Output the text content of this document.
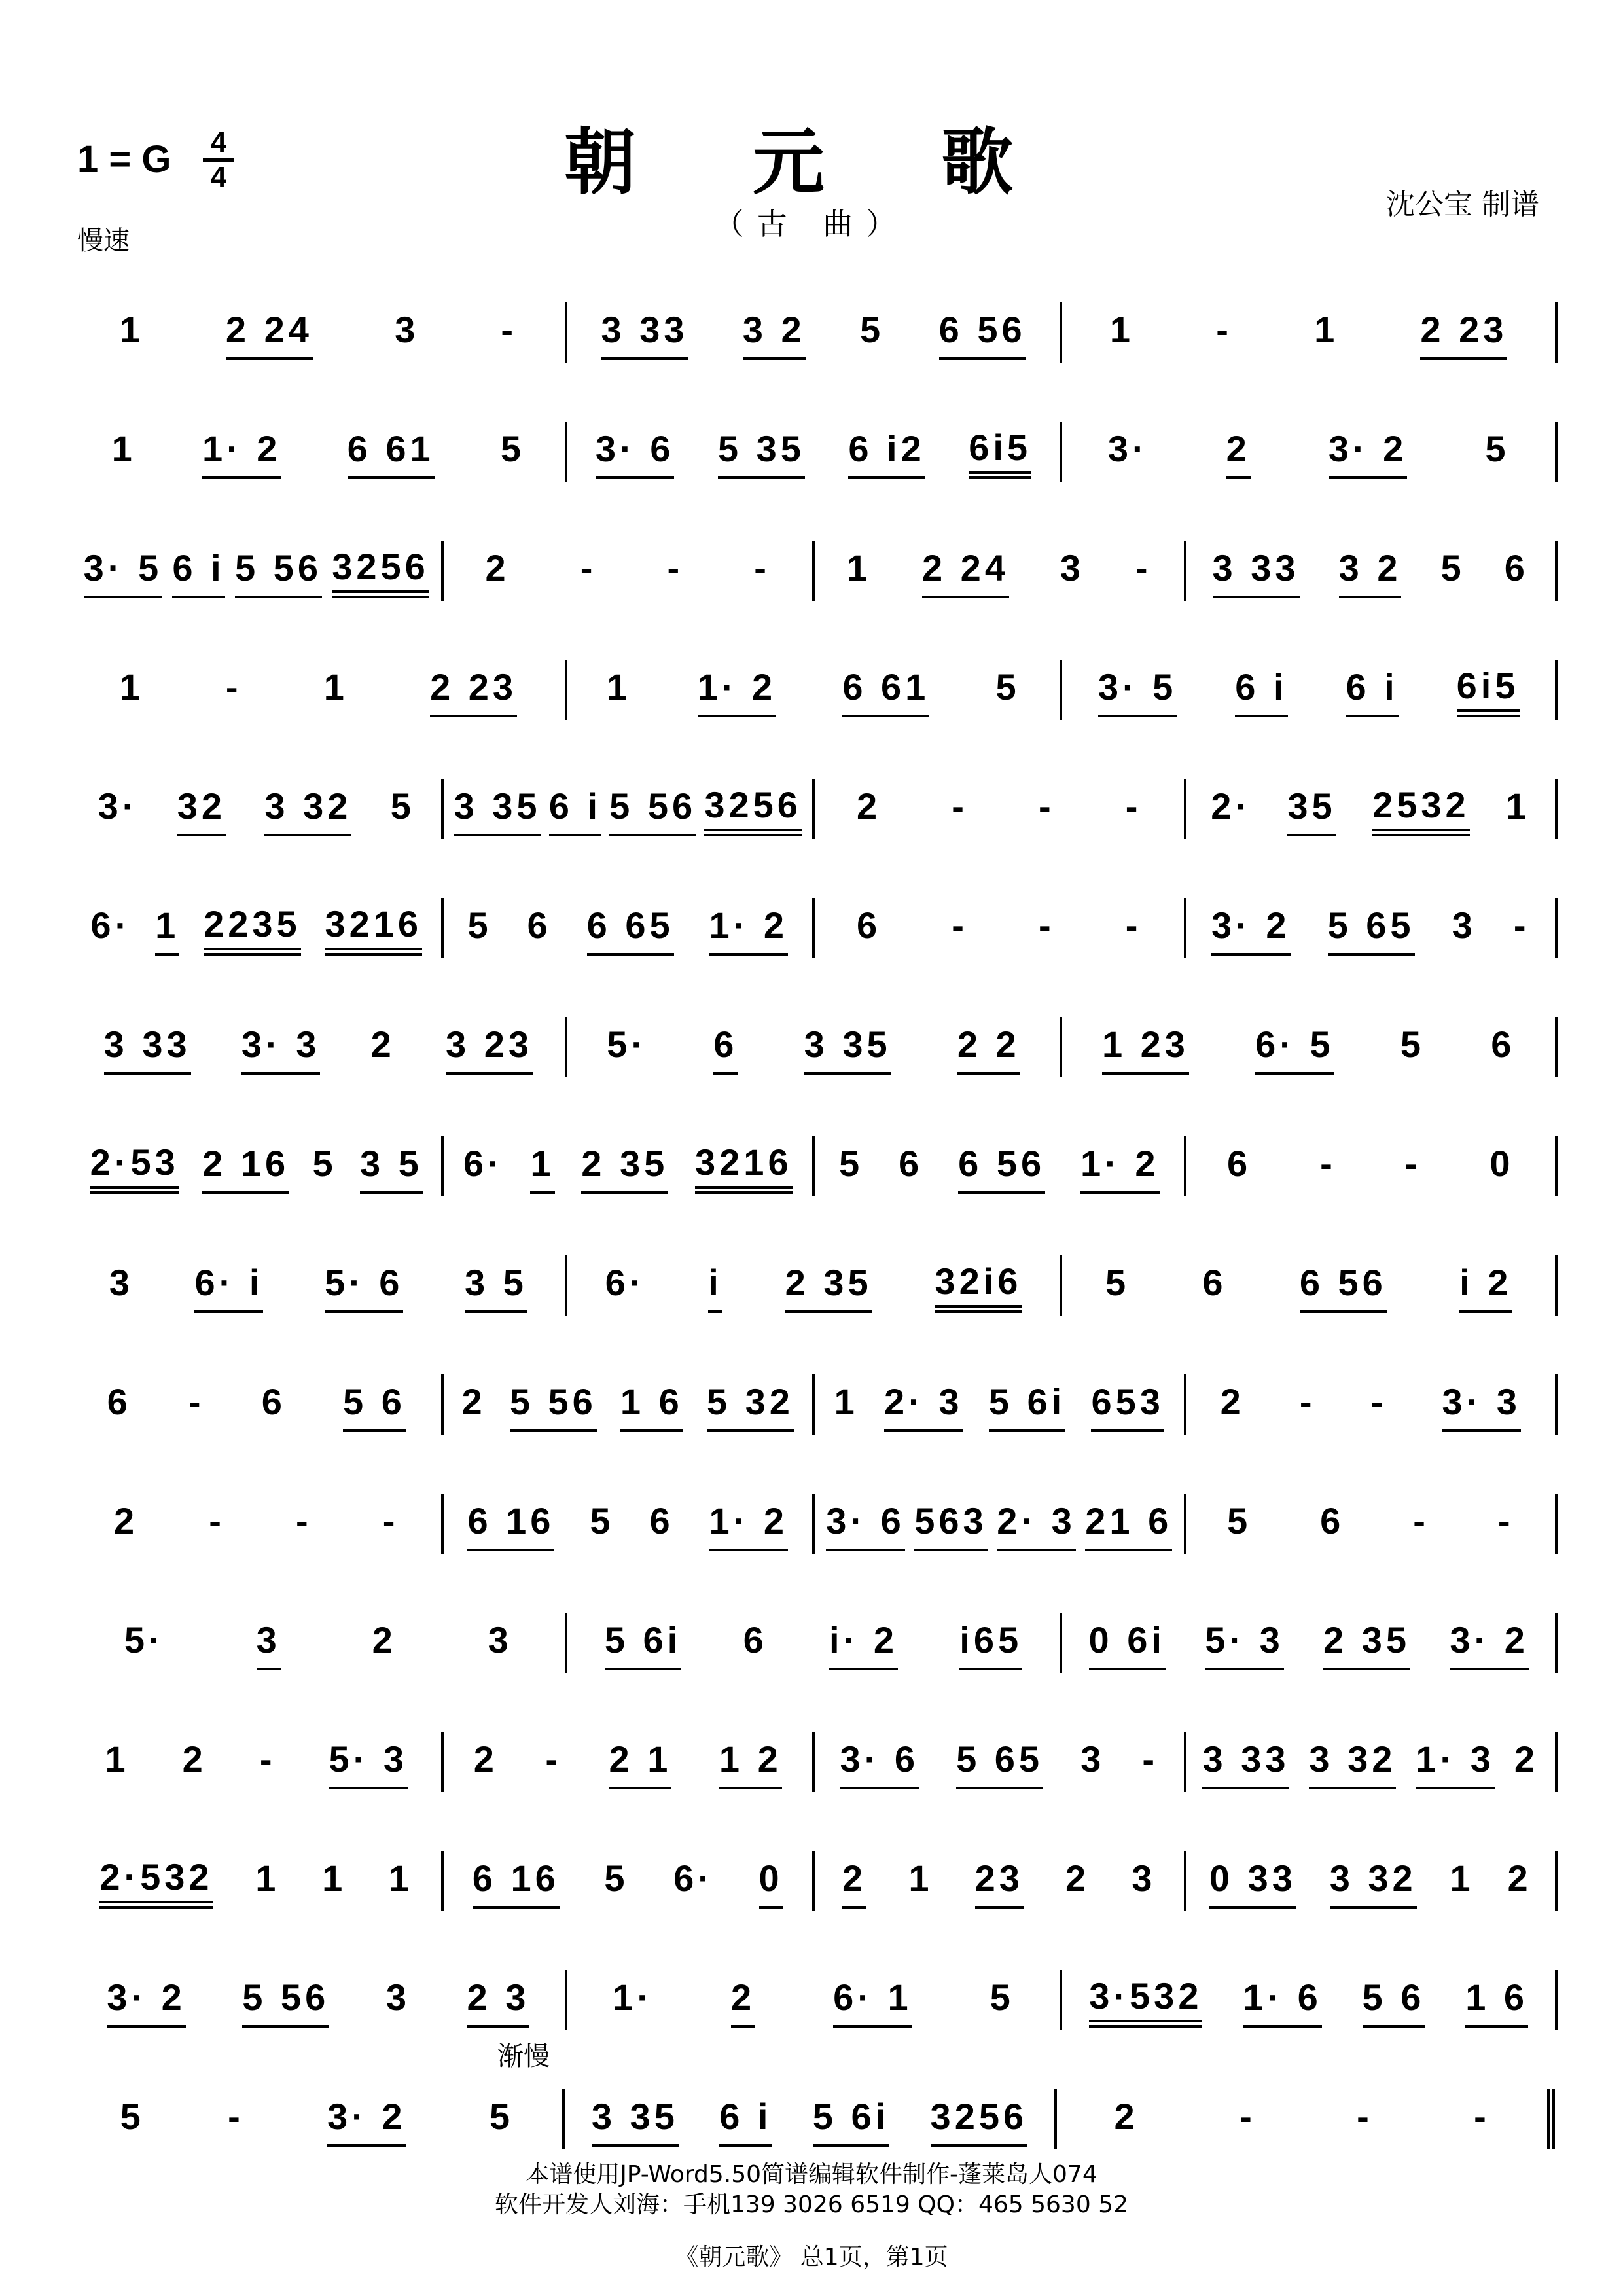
1 = G 4
4
慢速
朝 元 歌
（古 曲）
沈公宝 制谱
1 2 24 3 - 3 33 3 2 5 6 56 1 - 1 2 23
1 1· 2 6 61 5 3· 6 5 35 6 i2 6i5 3· 2 3· 2 5
3· 5 6 i 5 56 3256 2 - - - 1 2 24 3 - 3 33 3 2 5 6
1 - 1 2 23 1 1· 2 6 61 5 3· 5 6 i 6 i 6i5
3· 32 3 32 5 3 35 6 i 5 56 3256 2 - - - 2· 35 2532 1
6· 1 2235 3216 5 6 6 65 1· 2 6 - - - 3· 2 5 65 3 -
3 33 3· 3 2 3 23 5· 6 3 35 2 2 1 23 6· 5 5 6
2·53 2 16 5 3 5 6· 1 2 35 3216 5 6 6 56 1· 2 6 - - 0
3 6· i 5· 6 3 5 6· i 2 35 32i6 5 6 6 56 i 2
6 - 6 5 6 2 5 56 1 6 5 32 1 2· 3 5 6i 653 2 - - 3· 3
2 - - - 6 16 5 6 1· 2 3· 6 563 2· 3 21 6 5 6 - -
5· 3 2 3	5 6i 6 i· 2 i65 0 6i 5· 3 2 35 3· 2
1 2 - 5· 3 2 - 2 1 1 2 3· 6 5 65 3 - 3 33 3 32 1· 3 2
2·532 1 1 1 6 16 5 6· 0 2 1 23 2 3 0 33 3 32 1 2
3· 2 5 56 3 2 3 1· 2 6· 1 5 3·532 1· 6 5 6 1 6
5 - 3· 2 5 3 35 6 i 5 6i 3256 2	-	-	-
渐慢
本谱使用JP-Word5.50简谱编辑软件制作-蓬莱岛人074
软件开发人刘海：手机139 3026 6519 QQ：465 5630 52
《朝元歌》 总1页，第1页
